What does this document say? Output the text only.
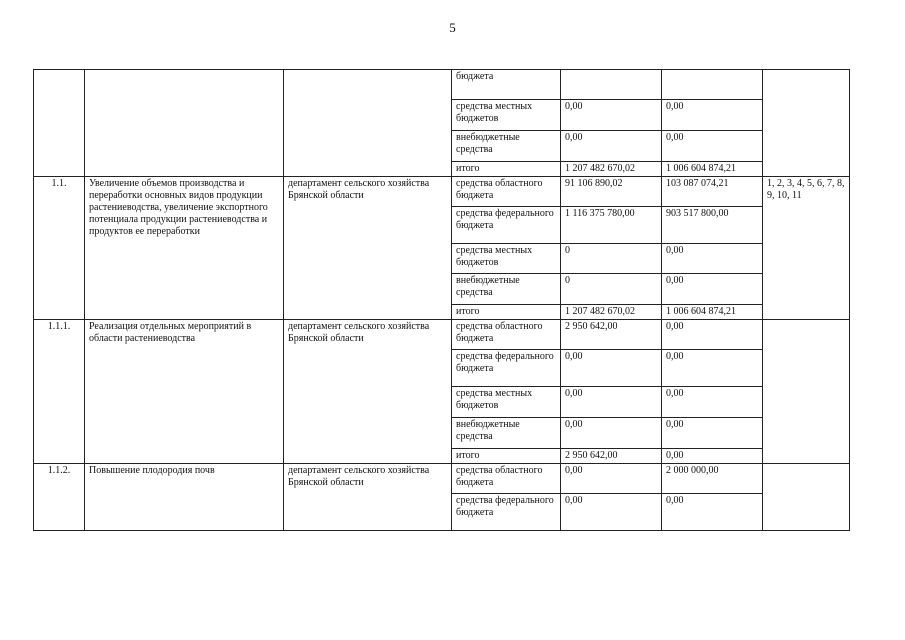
5
			бюджета			
			средства местных бюджетов	0,00	0,00	
			внебюджетные средства	0,00	0,00	
			итого	1 207 482 670,02	1 006 604 874,21	
1.1.	Увеличение объемов производства и переработки основных видов продукции растениеводства, увеличение экспортного потенциала продукции растениеводства и продуктов ее переработки	департамент сельского хозяйства Брянской области	средства областного бюджета	91 106 890,02	103 087 074,21	1, 2, 3, 4, 5, 6, 7, 8, 9, 10, 11
			средства федерального бюджета	1 116 375 780,00	903 517 800,00	
			средства местных бюджетов	0	0,00	
			внебюджетные средства	0	0,00	
			итого	1 207 482 670,02	1 006 604 874,21	
1.1.1.	Реализация отдельных мероприятий в области растениеводства	департамент сельского хозяйства Брянской области	средства областного бюджета	2 950 642,00	0,00	
			средства федерального бюджета	0,00	0,00	
			средства местных бюджетов	0,00	0,00	
			внебюджетные средства	0,00	0,00	
			итого	2 950 642,00	0,00	
1.1.2.	Повышение плодородия почв	департамент сельского хозяйства Брянской области	средства областного бюджета	0,00	2 000 000,00	
			средства федерального бюджета	0,00	0,00	
